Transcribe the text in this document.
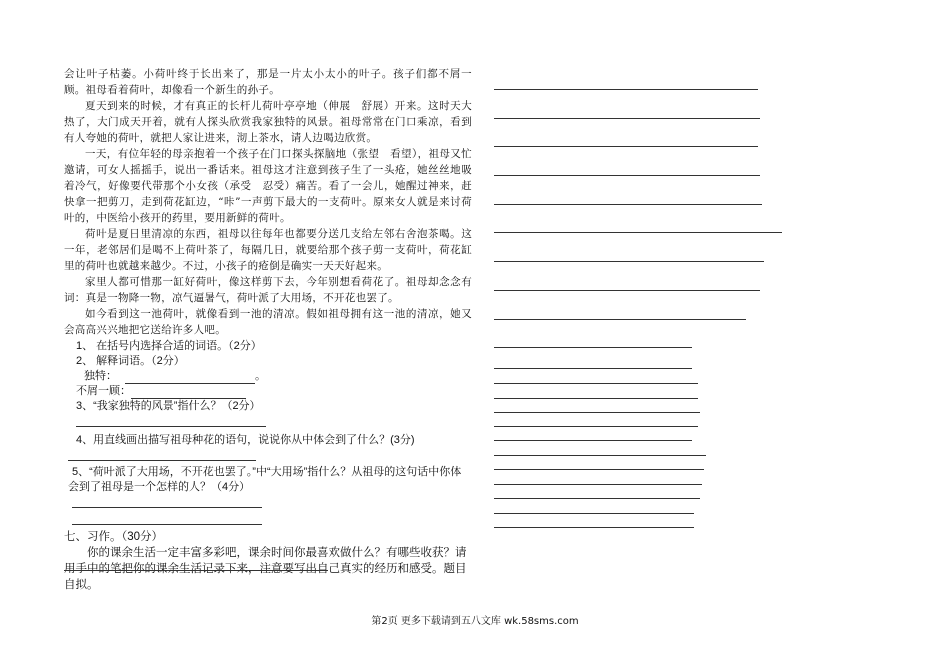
会让叶子枯萎。小荷叶终于长出来了，那是一片太小太小的叶子。孩子们都不屑一顾。祖母看着荷叶，却像看一个新生的孙子。

夏天到来的时候，才有真正的长杆儿荷叶亭亭地（伸展　舒展）开来。这时天大热了，大门成天开着，就有人探头欣赏我家独特的风景。祖母常常在门口乘凉，看到有人夸她的荷叶，就把人家让进来，沏上茶水，请人边喝边欣赏。

一天，有位年轻的母亲抱着一个孩子在门口探头探脑地（张望　看望），祖母又忙邀请，可女人摇摇手，说出一番话来。祖母这才注意到孩子生了一头疮，她丝丝地吸着冷气，好像要代带那个小女孩（承受　忍受）痛苦。看了一会儿，她醒过神来，赶快拿一把剪刀，走到荷花缸边，“咔”一声剪下最大的一支荷叶。原来女人就是来讨荷叶的，中医给小孩开的药里，要用新鲜的荷叶。

荷叶是夏日里清凉的东西，祖母以往每年也都要分送几支给左邻右舍泡茶喝。这一年，老邻居们是喝不上荷叶茶了，每隔几日，就要给那个孩子剪一支荷叶，荷花缸里的荷叶也就越来越少。不过，小孩子的疮倒是确实一天天好起来。

家里人都可惜那一缸好荷叶，像这样剪下去，今年别想看荷花了。祖母却念念有词：真是一物降一物，凉气逼暑气，荷叶派了大用场，不开花也罢了。

如今看到这一池荷叶，就像看到一池的清凉。假如祖母拥有这一池的清凉，她又会高高兴兴地把它送给许多人吧。

1、 在括号内选择合适的词语。（2分）

2、 解释词语。（2分）

独特：	。

不屑一顾：

3、“我家独特的风景”指什么？（2分）

4、用直线画出描写祖母种花的语句，说说你从中体会到了什么？(3分)

5、“荷叶派了大用场，不开花也罢了。”中“大用场”指什么？从祖母的这句话中你体会到了祖母是一个怎样的人？（4分）

七、习作。（30分）

你的课余生活一定丰富多彩吧，课余时间你最喜欢做什么？有哪些收获？请用手中的笔把你的课余生活记录下来，注意要写出自己真实的经历和感受。题目自拟。

第2页 更多下载请到五八文库 wk.58sms.com
